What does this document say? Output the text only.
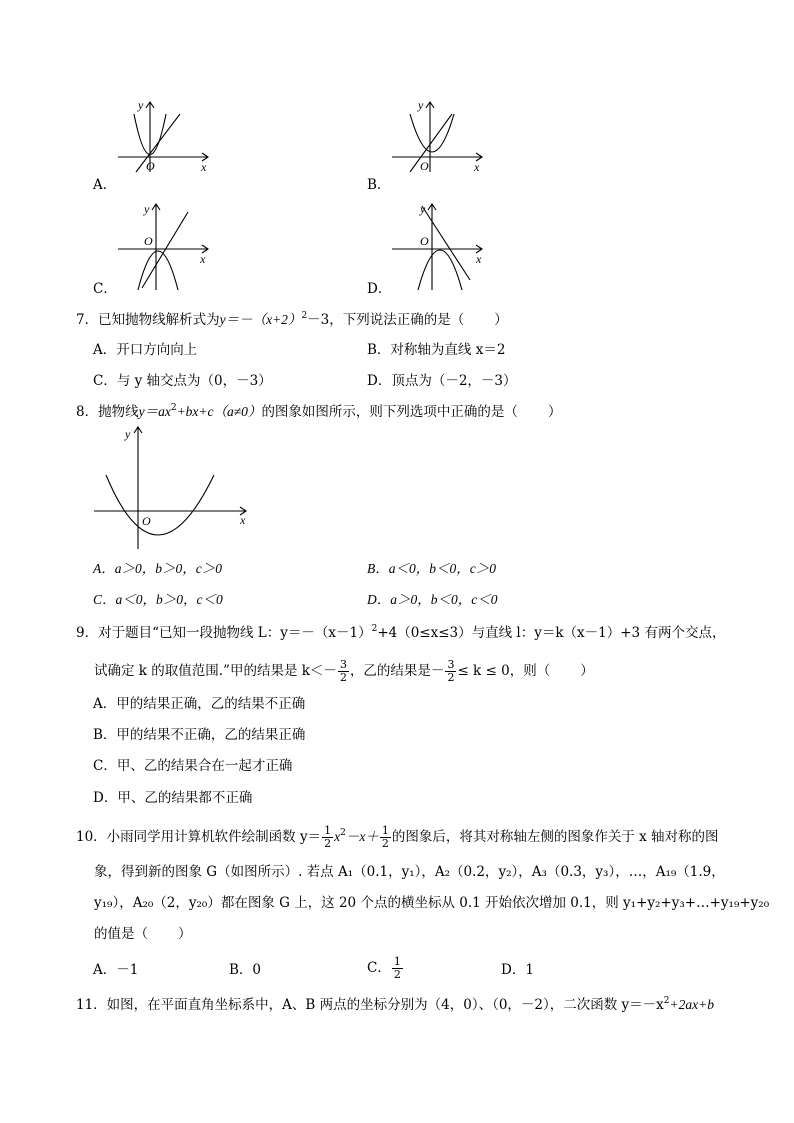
y
O	x
A．
y
O	x
B．
y
O
x
C．
y
O
x
D．
7．已知抛物线解析式为$y=-(x+2)^2-3$，下列说法正确的是（ ）
A．开口方向向上	B．对称轴为直线 x＝2
C．与 y 轴交点为（0，－3）	D．顶点为（－2，－3）
8．抛物线$y=ax^2+bx+c(a\ne 0)$的图象如图所示，则下列选项中正确的是（ ）
y
O	x
A．a＞0，b＞0，c＞0	B．a＜0，b＜0，c＞0
C．a＜0，b＞0，c＜0	D．a＞0，b＜0，c＜0
9．对于题目“已知一段抛物线 L：$y=-(x-1)^2+4(0\le x\le 3)$与直线 l：y＝k（x－1）+3 有两个交点，
试确定 k 的取值范围.”甲的结果是 $k<- \frac{3}{2}$ ，乙的结果是－ $\frac{3}{2} \le k \le 0$，则（ ）
A．甲的结果正确，乙的结果不正确
B．甲的结果不正确，乙的结果正确
C．甲、乙的结果合在一起才正确
D．甲、乙的结果都不正确
10．小雨同学用计算机软件绘制函数 $y= \frac{1}{2} x^2-x+ \frac{1}{2}$ 的图象后，将其对称轴左侧的图象作关于 x 轴对称的图
象，得到新的图象 G（如图所示）. 若点 A₁（0.1，y₁），A₂（0.2，y₂），A₃（0.3，y₃），…，A₁₉（1.9，
y₁₉），A₂₀（2，y₂₀）都在图象 G 上，这 20 个点的横坐标从 0.1 开始依次增加 0.1，则 y₁+y₂+y₃+…+y₁₉+y₂₀
的值是（ ）
A．－1	B．0	C． $\frac{1}{2}$	D．1
11．如图，在平面直角坐标系中，A、B 两点的坐标分别为（4，0）、（0，－2），二次函数 $y=-x^2+2ax+b$
